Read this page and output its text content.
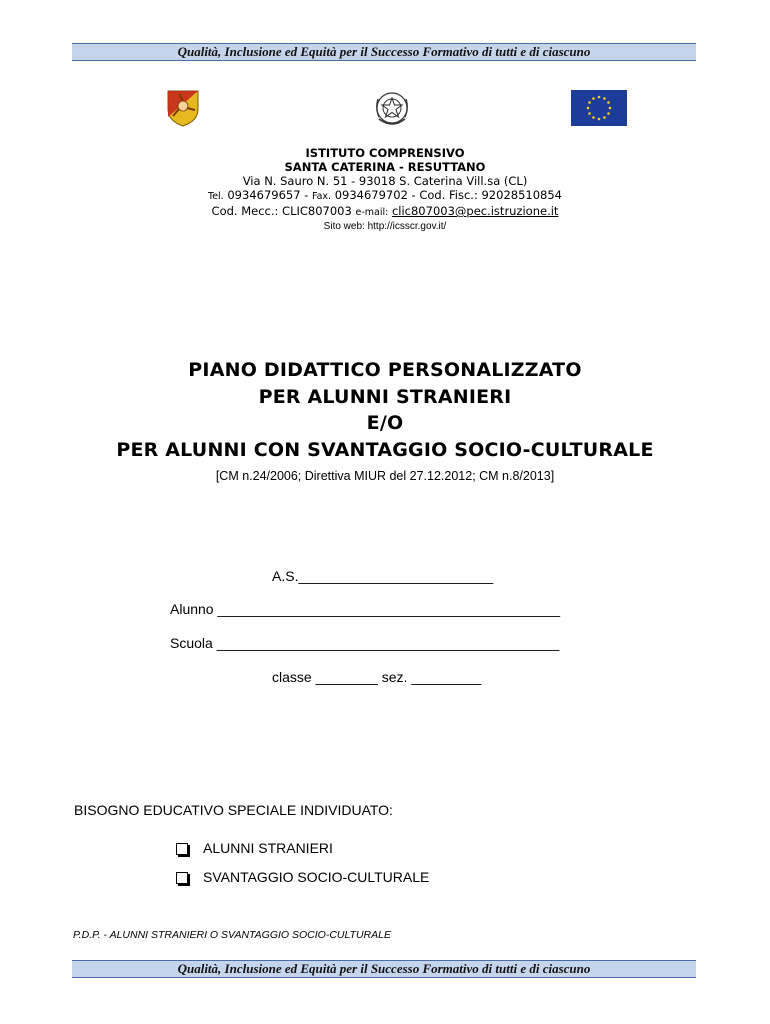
Qualità, Inclusione ed Equità per il Successo Formativo di tutti e di ciascuno
ISTITUTO COMPRENSIVO
SANTA CATERINA - RESUTTANO
Via N. Sauro N. 51 - 93018 S. Caterina Vill.sa (CL)
Tel. 0934679657 - Fax. 0934679702 - Cod. Fisc.: 92028510854
Cod. Mecc.: CLIC807003 e-mail: clic807003@pec.istruzione.it
Sito web: http://icsscr.gov.it/
PIANO DIDATTICO PERSONALIZZATO
PER ALUNNI STRANIERI
E/O
PER ALUNNI CON SVANTAGGIO SOCIO-CULTURALE
[CM n.24/2006; Direttiva MIUR del 27.12.2012; CM n.8/2013]
A.S._________________________
Alunno ____________________________________________
Scuola ____________________________________________
classe ________ sez. _________
BISOGNO EDUCATIVO SPECIALE INDIVIDUATO:
ALUNNI STRANIERI
SVANTAGGIO SOCIO-CULTURALE
P.D.P. - ALUNNI STRANIERI O SVANTAGGIO SOCIO-CULTURALE
Qualità, Inclusione ed Equità per il Successo Formativo di tutti e di ciascuno
